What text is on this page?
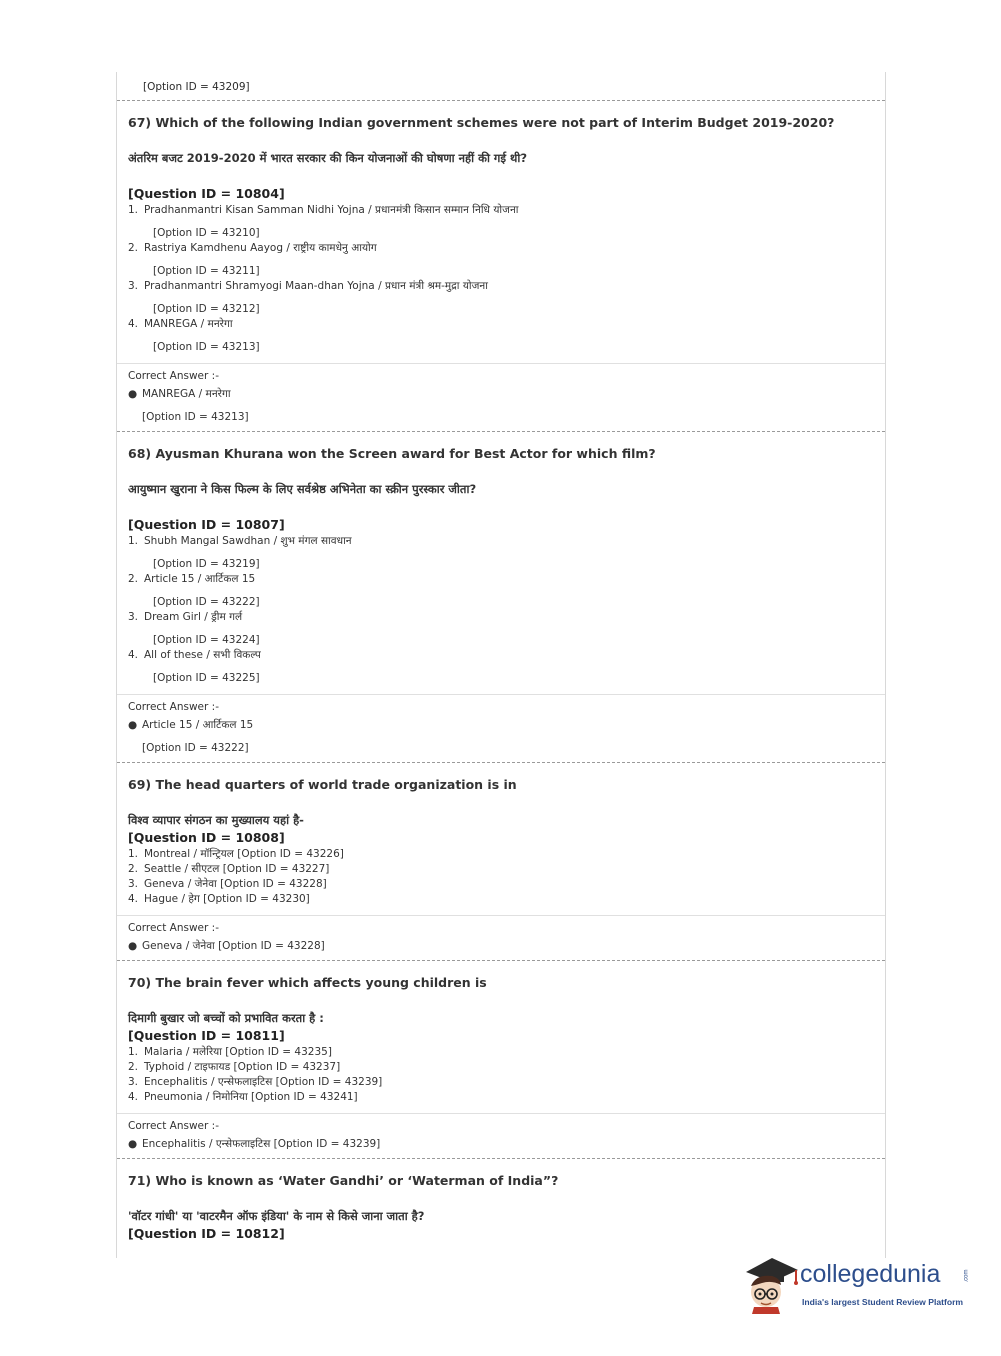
[Option ID = 43209]
67) Which of the following Indian government schemes were not part of Interim Budget 2019-2020?
अंतरिम बजट 2019-2020 में भारत सरकार की किन योजनाओं की घोषणा नहीं की गई थी?
[Question ID = 10804]
1. Pradhanmantri Kisan Samman Nidhi Yojna / प्रधानमंत्री किसान सम्मान निधि योजना
[Option ID = 43210]
2. Rastriya Kamdhenu Aayog / राष्ट्रीय कामधेनु आयोग
[Option ID = 43211]
3. Pradhanmantri Shramyogi Maan-dhan Yojna / प्रधान मंत्री श्रम-मुद्रा योजना
[Option ID = 43212]
4. MANREGA / मनरेगा
[Option ID = 43213]
Correct Answer :-
● MANREGA / मनरेगा
[Option ID = 43213]
68) Ayusman Khurana won the Screen award for Best Actor for which film?
आयुष्मान खुराना ने किस फिल्म के लिए सर्वश्रेष्ठ अभिनेता का स्क्रीन पुरस्कार जीता?
[Question ID = 10807]
1. Shubh Mangal Sawdhan / शुभ मंगल सावधान
[Option ID = 43219]
2. Article 15 / आर्टिकल 15
[Option ID = 43222]
3. Dream Girl / ड्रीम गर्ल
[Option ID = 43224]
4. All of these / सभी विकल्प
[Option ID = 43225]
Correct Answer :-
● Article 15 / आर्टिकल 15
[Option ID = 43222]
69) The head quarters of world trade organization is in
विश्व व्यापार संगठन का मुख्यालय यहां है-
[Question ID = 10808]
1. Montreal / मॉन्ट्रियल [Option ID = 43226]
2. Seattle / सीएटल [Option ID = 43227]
3. Geneva / जेनेवा [Option ID = 43228]
4. Hague / हेग [Option ID = 43230]
Correct Answer :-
● Geneva / जेनेवा [Option ID = 43228]
70) The brain fever which affects young children is
दिमागी बुखार जो बच्चों को प्रभावित करता है :
[Question ID = 10811]
1. Malaria / मलेरिया [Option ID = 43235]
2. Typhoid / टाइफायड [Option ID = 43237]
3. Encephalitis / एन्सेफलाइटिस [Option ID = 43239]
4. Pneumonia / निमोनिया [Option ID = 43241]
Correct Answer :-
● Encephalitis / एन्सेफलाइटिस [Option ID = 43239]
71) Who is known as ‘Water Gandhi’ or ‘Waterman of India”?
'वॉटर गांधी' या 'वाटरमैन ऑफ इंडिया' के नाम से किसे जाना जाता है?
[Question ID = 10812]
collegedunia	.com
India's largest Student Review Platform
